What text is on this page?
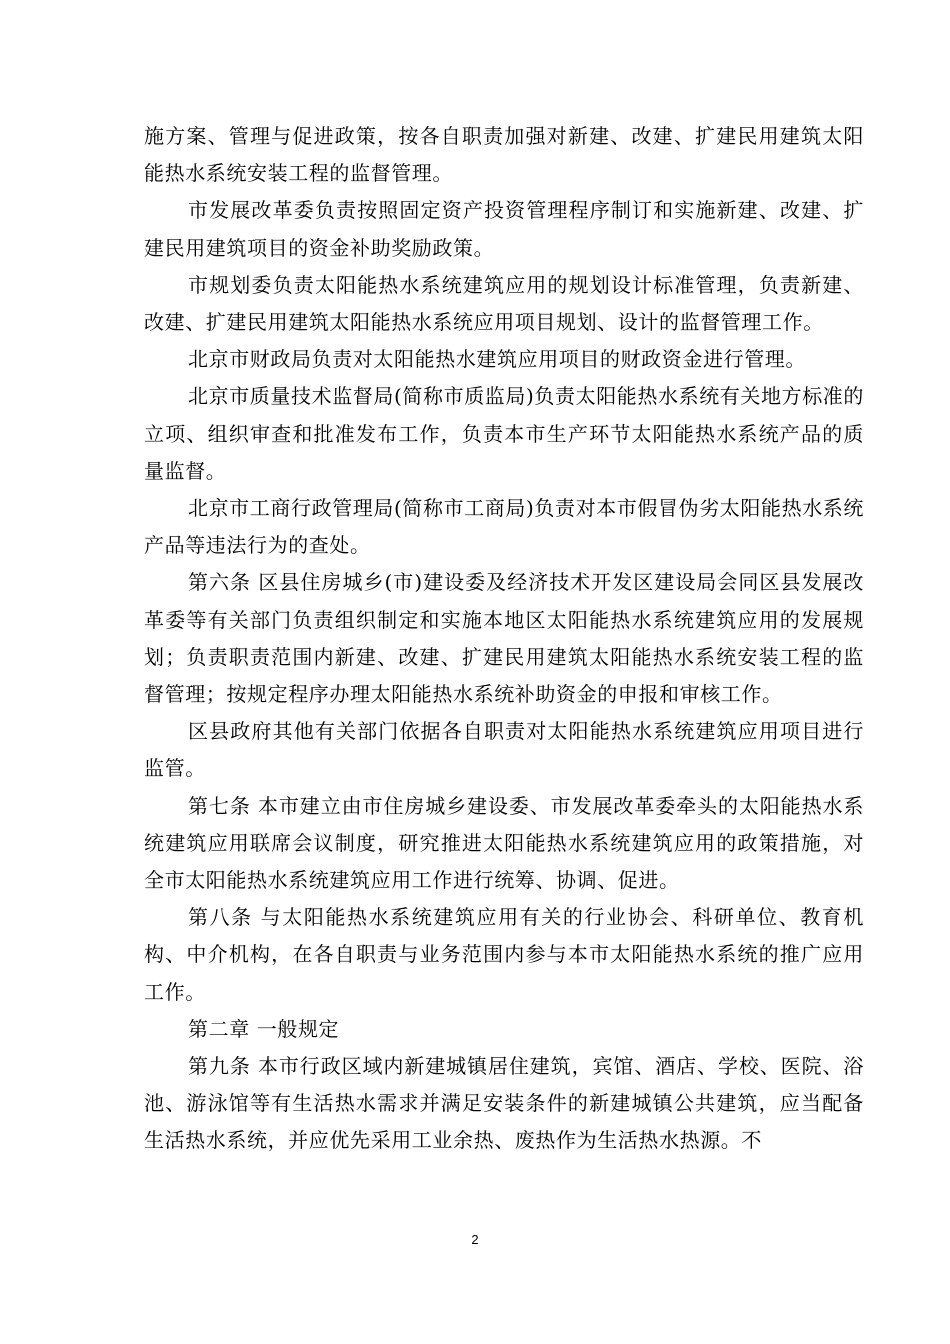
施方案、管理与促进政策，按各自职责加强对新建、改建、扩建民用建筑太阳能热水系统安装工程的监督管理。

市发展改革委负责按照固定资产投资管理程序制订和实施新建、改建、扩建民用建筑项目的资金补助奖励政策。

市规划委负责太阳能热水系统建筑应用的规划设计标准管理，负责新建、改建、扩建民用建筑太阳能热水系统应用项目规划、设计的监督管理工作。

北京市财政局负责对太阳能热水建筑应用项目的财政资金进行管理。

北京市质量技术监督局(简称市质监局)负责太阳能热水系统有关地方标准的立项、组织审查和批准发布工作，负责本市生产环节太阳能热水系统产品的质量监督。

北京市工商行政管理局(简称市工商局)负责对本市假冒伪劣太阳能热水系统产品等违法行为的查处。

第六条 区县住房城乡(市)建设委及经济技术开发区建设局会同区县发展改革委等有关部门负责组织制定和实施本地区太阳能热水系统建筑应用的发展规划；负责职责范围内新建、改建、扩建民用建筑太阳能热水系统安装工程的监督管理；按规定程序办理太阳能热水系统补助资金的申报和审核工作。

区县政府其他有关部门依据各自职责对太阳能热水系统建筑应用项目进行监管。

第七条 本市建立由市住房城乡建设委、市发展改革委牵头的太阳能热水系统建筑应用联席会议制度，研究推进太阳能热水系统建筑应用的政策措施，对全市太阳能热水系统建筑应用工作进行统筹、协调、促进。

第八条 与太阳能热水系统建筑应用有关的行业协会、科研单位、教育机构、中介机构，在各自职责与业务范围内参与本市太阳能热水系统的推广应用工作。

第二章 一般规定

第九条 本市行政区域内新建城镇居住建筑，宾馆、酒店、学校、医院、浴池、游泳馆等有生活热水需求并满足安装条件的新建城镇公共建筑，应当配备生活热水系统，并应优先采用工业余热、废热作为生活热水热源。不

2
